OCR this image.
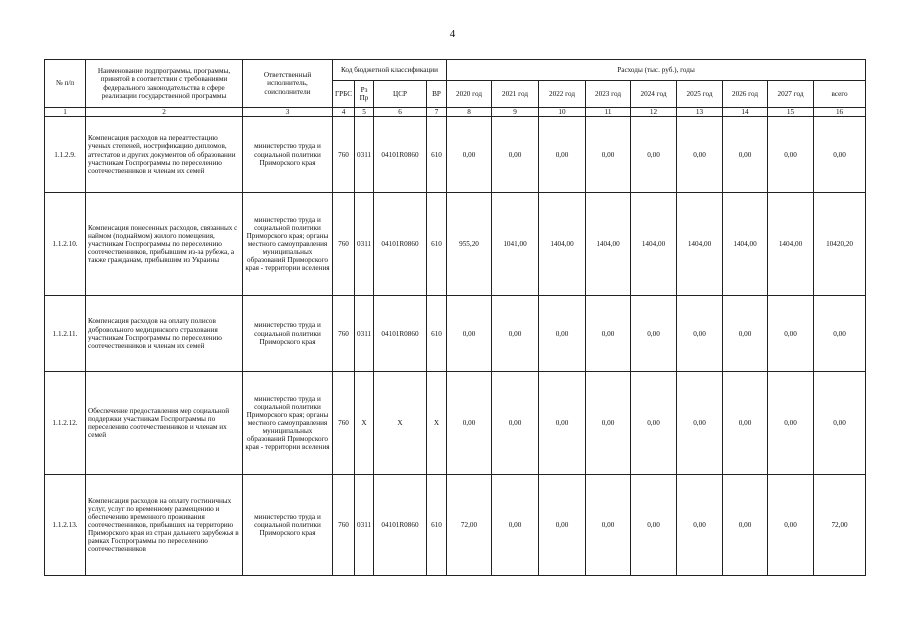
4
№ п/п	Наименование подпрограммы, программы, принятой в соответствии с требованиями федерального законодательства в сфере реализации государственной программы	Ответственный исполнитель, соисполнители	Код бюджетной классификации				Расходы (тыс. руб.), годы								
			ГРБС	Рз Пр	ЦСР	ВР	2020 год	2021 год	2022 год	2023 год	2024 год	2025 год	2026 год	2027 год	всего
1	2	3	4	5	6	7	8	9	10	11	12	13	14	15	16
1.1.2.9.	Компенсация расходов на переаттестацию ученых степеней, нострификацию дипломов, аттестатов и других документов об образовании участникам Госпрограммы по переселению соотечественников и членам их семей	министерство труда и социальной политики Приморского края	760	0311	04101R0860	610	0,00	0,00	0,00	0,00	0,00	0,00	0,00	0,00	0,00
1.1.2.10.	Компенсация понесенных расходов, связанных с наймом (поднаймом) жилого помещения, участникам Госпрограммы по переселению соотечественников, прибывшим из-за рубежа, а также гражданам, прибывшим из Украины	министерство труда и социальной политики Приморского края; органы местного самоуправления муниципальных образований Приморского края - территории вселения	760	0311	04101R0860	610	955,20	1041,00	1404,00	1404,00	1404,00	1404,00	1404,00	1404,00	10420,20
1.1.2.11.	Компенсация расходов на оплату полисов добровольного медицинского страхования участникам Госпрограммы по переселению соотечественников и членам их семей	министерство труда и социальной политики Приморского края	760	0311	04101R0860	610	0,00	0,00	0,00	0,00	0,00	0,00	0,00	0,00	0,00
1.1.2.12.	Обеспечение предоставления мер социальной поддержки участникам Госпрограммы по переселению соотечественников и членам их семей	министерство труда и социальной политики Приморского края; органы местного самоуправления муниципальных образований Приморского края - территории вселения	760	X	X	X	0,00	0,00	0,00	0,00	0,00	0,00	0,00	0,00	0,00
1.1.2.13.	Компенсация расходов на оплату гостиничных услуг, услуг по временному размещению и обеспечению временного проживания соотечественников, прибывших на территорию Приморского края из стран дальнего зарубежья в рамках Госпрограммы по переселению соотечественников	министерство труда и социальной политики Приморского края	760	0311	04101R0860	610	72,00	0,00	0,00	0,00	0,00	0,00	0,00	0,00	72,00
